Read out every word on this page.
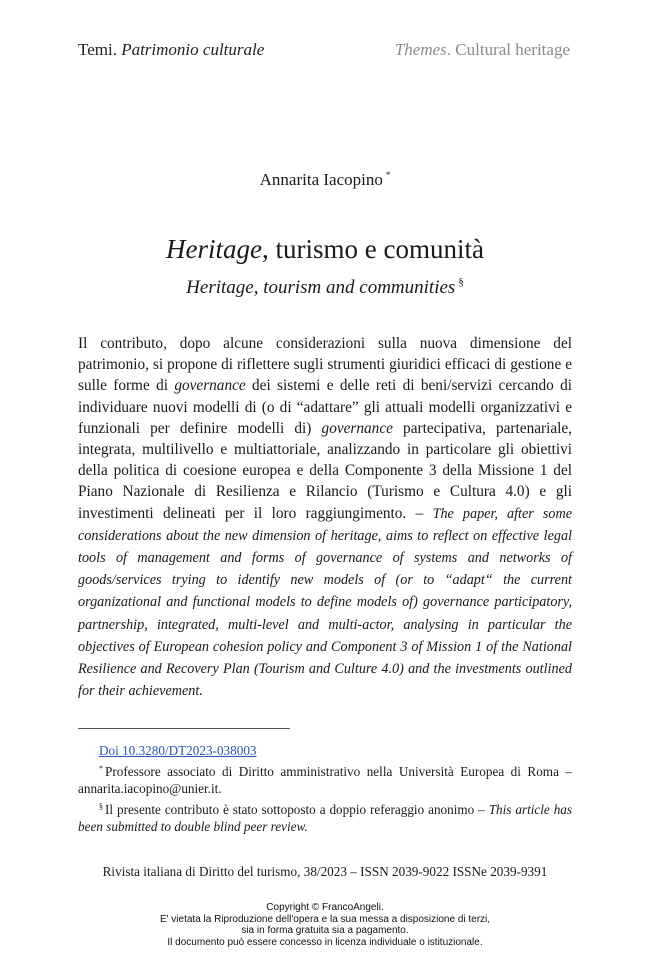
Temi. Patrimonio culturale	Themes. Cultural heritage
Annarita Iacopino *
Heritage, turismo e comunità
Heritage, tourism and communities §
Il contributo, dopo alcune considerazioni sulla nuova dimensione del patrimonio, si propone di riflettere sugli strumenti giuridici efficaci di gestione e sulle forme di governance dei sistemi e delle reti di beni/servizi cercando di individuare nuovi modelli di (o di “adattare” gli attuali modelli organizzativi e funzionali per definire modelli di) governance partecipativa, partenariale, integrata, multilivello e multiattoriale, analizzando in particolare gli obiettivi della politica di coesione europea e della Componente 3 della Missione 1 del Piano Nazionale di Resilienza e Rilancio (Turismo e Cultura 4.0) e gli investimenti delineati per il loro raggiungimento. – The paper, after some considerations about the new dimension of heritage, aims to reflect on effective legal tools of management and forms of governance of systems and networks of goods/services trying to identify new models of (or to “adapt“ the current organizational and functional models to define models of) governance participatory, partnership, integrated, multi-level and multi-actor, analysing in particular the objectives of European cohesion policy and Component 3 of Mission 1 of the National Resilience and Recovery Plan (Tourism and Culture 4.0) and the investments outlined for their achievement.
Doi 10.3280/DT2023-038003
* Professore associato di Diritto amministrativo nella Università Europea di Roma – annarita.iacopino@unier.it.
§ Il presente contributo è stato sottoposto a doppio referaggio anonimo – This article has been submitted to double blind peer review.
Rivista italiana di Diritto del turismo, 38/2023 – ISSN 2039-9022 ISSNe 2039-9391
Copyright © FrancoAngeli.
E' vietata la Riproduzione dell'opera e la sua messa a disposizione di terzi,
sia in forma gratuita sia a pagamento.
Il documento può essere concesso in licenza individuale o istituzionale.
